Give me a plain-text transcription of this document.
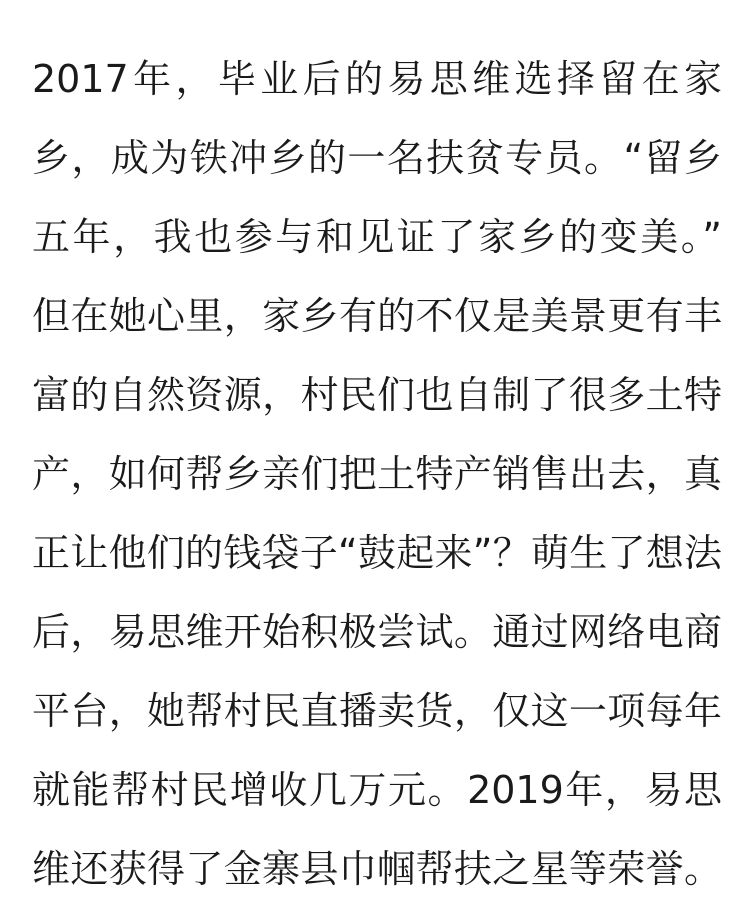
2017年，毕业后的易思维选择留在家
乡，成为铁冲乡的一名扶贫专员。“留乡
五年，我也参与和见证了家乡的变美。”
但在她心里，家乡有的不仅是美景更有丰
富的自然资源，村民们也自制了很多土特
产，如何帮乡亲们把土特产销售出去，真
正让他们的钱袋子“鼓起来”？萌生了想法
后，易思维开始积极尝试。通过网络电商
平台，她帮村民直播卖货，仅这一项每年
就能帮村民增收几万元。2019年，易思
维还获得了金寨县巾帼帮扶之星等荣誉。
